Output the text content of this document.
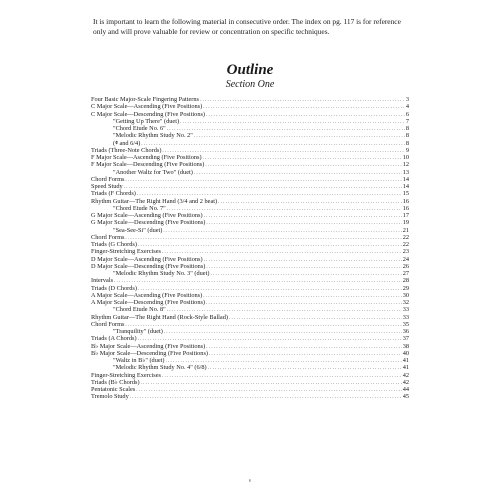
It is important to learn the following material in consecutive order. The index on pg. 117 is for reference only and will prove valuable for review or concentration on specific techniques.
Outline
Section One
Four Basic Major-Scale Fingering Patterns . . .	3
C Major Scale—Ascending (Five Positions) . . .	4
C Major Scale—Descending (Five Positions) . . .	6
"Getting Up There" (duet) . . .	7
"Chord Etude No. 6" . . .	8
"Melodic Rhythm Study No. 2" . . .	8
(𝄵 and 6/4) . . .	8
Triads (Three-Note Chords) . . .	9
F Major Scale—Ascending (Five Positions) . . .	10
F Major Scale—Descending (Five Positions) . . .	12
"Another Waltz for Two" (duet) . . .	13
Chord Forms . . .	14
Speed Study . . .	14
Triads (F Chords) . . .	15
Rhythm Guitar—The Right Hand (3/4 and 2 beat) . . .	16
"Chord Etude No. 7" . . .	16
G Major Scale—Ascending (Five Positions) . . .	17
G Major Scale—Descending (Five Positions) . . .	19
"Sea-See-Si" (duet) . . .	21
Chord Forms . . .	22
Triads (G Chords) . . .	22
Finger-Stretching Exercises . . .	23
D Major Scale—Ascending (Five Positions) . . .	24
D Major Scale—Descending (Five Positions) . . .	26
"Melodic Rhythm Study No. 3" (duet) . . .	27
Intervals . . .	28
Triads (D Chords) . . .	29
A Major Scale—Ascending (Five Positions) . . .	30
A Major Scale—Descending (Five Positions) . . .	32
"Chord Etude No. 8" . . .	33
Rhythm Guitar—The Right Hand (Rock-Style Ballad) . . .	33
Chord Forms . . .	35
"Tranquility" (duet) . . .	36
Triads (A Chords) . . .	37
B♭ Major Scale—Ascending (Five Positions) . . .	38
B♭ Major Scale—Descending (Five Positions) . . .	40
"Waltz in B♭" (duet) . . .	41
"Melodic Rhythm Study No. 4" (6/8) . . .	41
Finger-Stretching Exercises . . .	42
Triads (B♭ Chords) . . .	42
Pentatonic Scales . . .	44
Tremolo Study . . .	45
v
